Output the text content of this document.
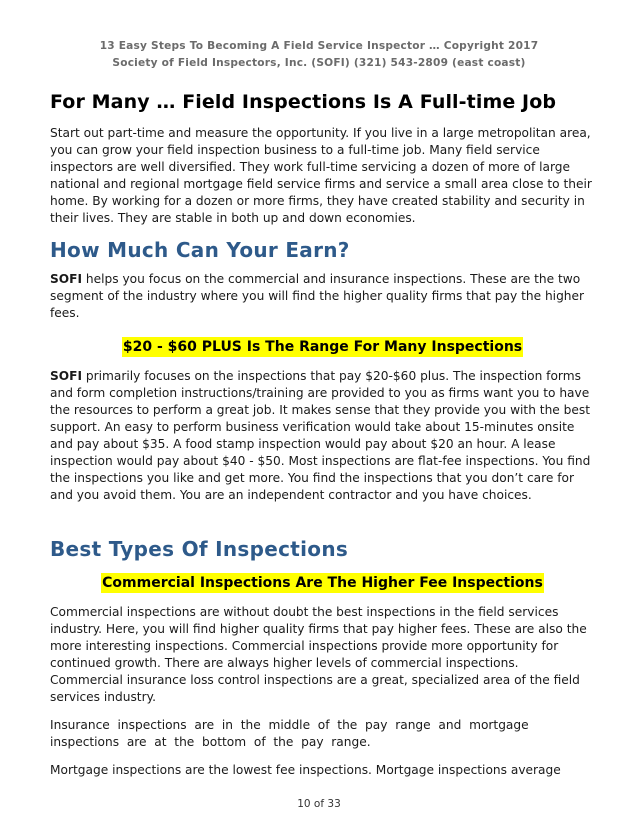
13 Easy Steps To Becoming A Field Service Inspector … Copyright 2017
Society of Field Inspectors, Inc. (SOFI) (321) 543-2809 (east coast)
For Many … Field Inspections Is A Full-time Job

Start out part-time and measure the opportunity. If you live in a large metropolitan area, you can grow your field inspection business to a full-time job. Many field service inspectors are well diversified. They work full-time servicing a dozen of more of large national and regional mortgage field service firms and service a small area close to their home. By working for a dozen or more firms, they have created stability and security in their lives. They are stable in both up and down economies.

How Much Can Your Earn?

SOFI helps you focus on the commercial and insurance inspections. These are the two segment of the industry where you will find the higher quality firms that pay the higher fees.

$20 - $60 PLUS Is The Range For Many Inspections

SOFI primarily focuses on the inspections that pay $20-$60 plus. The inspection forms and form completion instructions/training are provided to you as firms want you to have the resources to perform a great job. It makes sense that they provide you with the best support. An easy to perform business verification would take about 15-minutes onsite and pay about $35. A food stamp inspection would pay about $20 an hour. A lease inspection would pay about $40 - $50. Most inspections are flat-fee inspections. You find the inspections you like and get more. You find the inspections that you don’t care for and you avoid them. You are an independent contractor and you have choices.

Best Types Of Inspections
Commercial Inspections Are The Higher Fee Inspections

Commercial inspections are without doubt the best inspections in the field services industry. Here, you will find higher quality firms that pay higher fees. These are also the more interesting inspections. Commercial inspections provide more opportunity for continued growth. There are always higher levels of commercial inspections. Commercial insurance loss control inspections are a great, specialized area of the field services industry.

Insurance  inspections  are  in  the  middle  of  the  pay  range  and  mortgage inspections  are  at  the  bottom  of  the  pay  range.

Mortgage inspections are the lowest fee inspections. Mortgage inspections average

10 of 33
